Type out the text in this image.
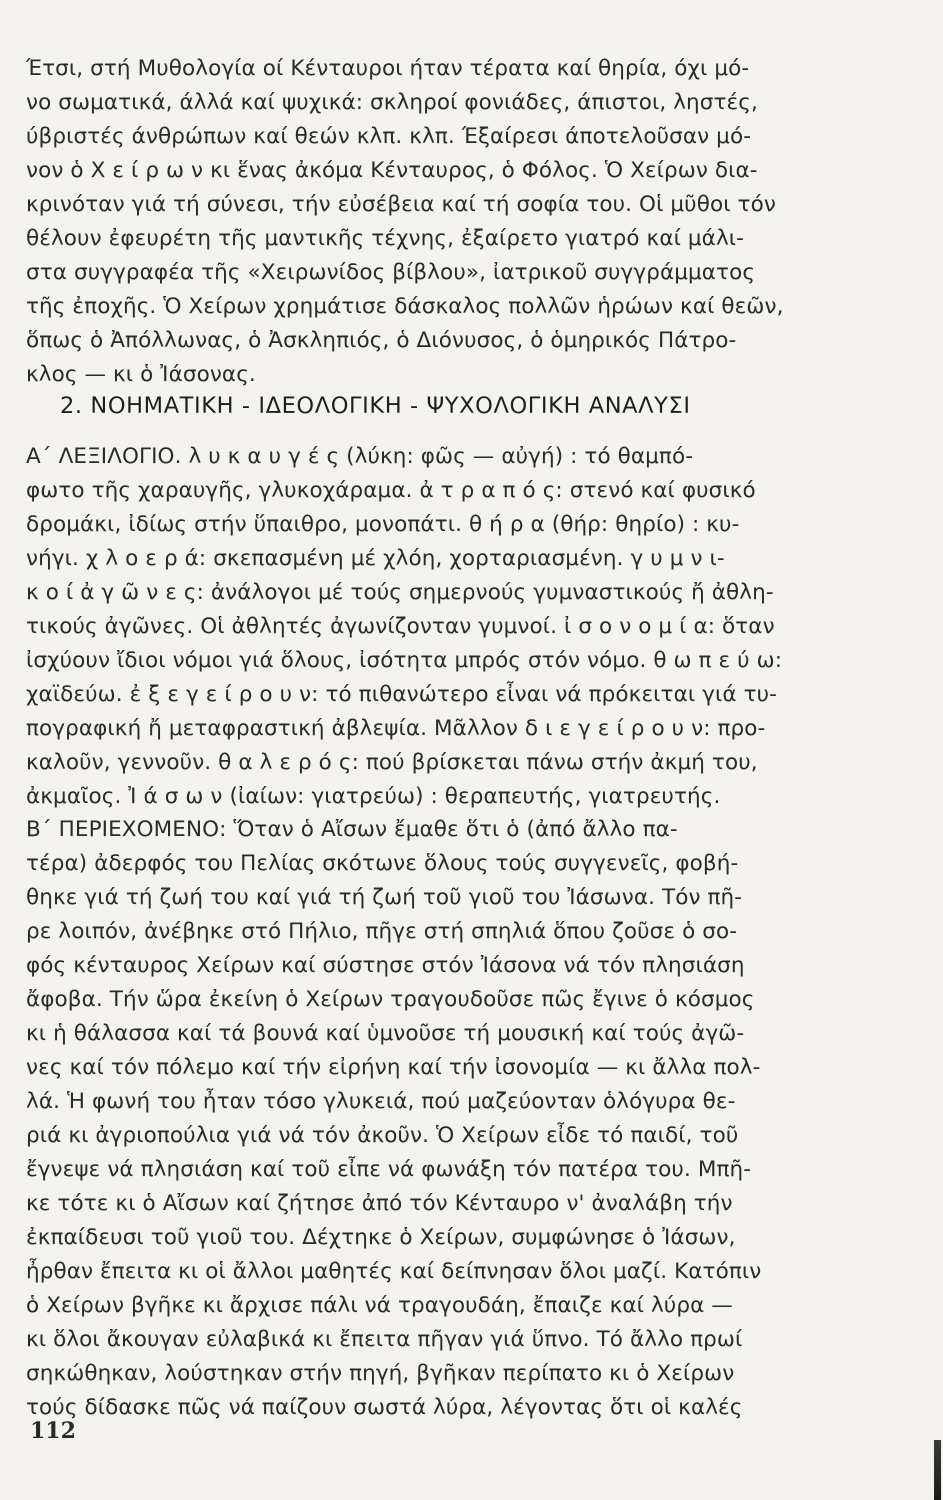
Έτσι, στή Μυθολογία οί Κένταυροι ήταν τέρατα καί θηρία, όχι μό-
νο σωματικά, άλλά καί ψυχικά: σκληροί φονιάδες, άπιστοι, ληστές,
ύβριστές άνθρώπων καί θεών κλπ. κλπ. Έξαίρεσι άποτελοῦσαν μό-
νον ὁ Χ ε ί ρ ω ν κι ἕνας ἀκόμα Κένταυρος, ὁ Φόλος. Ὁ Χείρων δια-
κρινόταν γιά τή σύνεσι, τήν εὐσέβεια καί τή σοφία του. Οἱ μῦθοι τόν
θέλουν ἐφευρέτη τῆς μαντικῆς τέχνης, ἐξαίρετο γιατρό καί μάλι-
στα συγγραφέα τῆς «Χειρωνίδος βίβλου», ἰατρικοῦ συγγράμματος
τῆς ἐποχῆς. Ὁ Χείρων χρημάτισε δάσκαλος πολλῶν ἡρώων καί θεῶν,
ὅπως ὁ Ἀπόλλωνας, ὁ Ἀσκληπιός, ὁ Διόνυσος, ὁ ὁμηρικός Πάτρο-
κλος — κι ὁ Ἰάσονας.
2. ΝΟΗΜΑΤΙΚΗ - ΙΔΕΟΛΟΓΙΚΗ - ΨΥΧΟΛΟΓΙΚΗ ΑΝΑΛΥΣΙ
Α΄ ΛΕΞΙΛΟΓΙΟ. λ υ κ α υ γ έ ς (λύκη: φῶς — αὐγή) : τό θαμπό-
φωτο τῆς χαραυγῆς, γλυκοχάραμα. ἀ τ ρ α π ό ς: στενό καί φυσικό
δρομάκι, ἰδίως στήν ὕπαιθρο, μονοπάτι. θ ή ρ α (θήρ: θηρίο) : κυ-
νήγι. χ λ ο ε ρ ά: σκεπασμένη μέ χλόη, χορταριασμένη. γ υ μ ν ι-
κ ο ί ἀ γ ῶ ν ε ς: ἀνάλογοι μέ τούς σημερνούς γυμναστικούς ἤ ἀθλη-
τικούς ἀγῶνες. Οἱ ἀθλητές ἀγωνίζονταν γυμνοί. ἰ σ ο ν ο μ ί α: ὅταν
ἰσχύουν ἴδιοι νόμοι γιά ὅλους, ἰσότητα μπρός στόν νόμο. θ ω π ε ύ ω:
χαϊδεύω. ἐ ξ ε γ ε ί ρ ο υ ν: τό πιθανώτερο εἶναι νά πρόκειται γιά τυ-
πογραφική ἤ μεταφραστική ἀβλεψία. Μᾶλλον δ ι ε γ ε ί ρ ο υ ν: προ-
καλοῦν, γεννοῦν. θ α λ ε ρ ό ς: πού βρίσκεται πάνω στήν ἀκμή του,
ἀκμαῖος. Ἰ ά σ ω ν (ἰαίων: γιατρεύω) : θεραπευτής, γιατρευτής.
Β΄ ΠΕΡΙΕΧΟΜΕΝΟ: Ὅταν ὁ Αἴσων ἔμαθε ὅτι ὁ (ἀπό ἄλλο πα-
τέρα) ἀδερφός του Πελίας σκότωνε ὅλους τούς συγγενεῖς, φοβή-
θηκε γιά τή ζωή του καί γιά τή ζωή τοῦ γιοῦ του Ἰάσωνα. Τόν πῆ-
ρε λοιπόν, ἀνέβηκε στό Πήλιο, πῆγε στή σπηλιά ὅπου ζοῦσε ὁ σο-
φός κένταυρος Χείρων καί σύστησε στόν Ἰάσονα νά τόν πλησιάση
ἄφοβα. Τήν ὥρα ἐκείνη ὁ Χείρων τραγουδοῦσε πῶς ἔγινε ὁ κόσμος
κι ἡ θάλασσα καί τά βουνά καί ὑμνοῦσε τή μουσική καί τούς ἀγῶ-
νες καί τόν πόλεμο καί τήν εἰρήνη καί τήν ἰσονομία — κι ἄλλα πολ-
λά. Ἡ φωνή του ἦταν τόσο γλυκειά, πού μαζεύονταν ὁλόγυρα θε-
ριά κι ἀγριοπούλια γιά νά τόν ἀκοῦν. Ὁ Χείρων εἶδε τό παιδί, τοῦ
ἔγνεψε νά πλησιάση καί τοῦ εἶπε νά φωνάξη τόν πατέρα του. Μπῆ-
κε τότε κι ὁ Αἴσων καί ζήτησε ἀπό τόν Κένταυρο ν' ἀναλάβη τήν
ἐκπαίδευσι τοῦ γιοῦ του. Δέχτηκε ὁ Χείρων, συμφώνησε ὁ Ἰάσων,
ἦρθαν ἔπειτα κι οἱ ἄλλοι μαθητές καί δείπνησαν ὅλοι μαζί. Κατόπιν
ὁ Χείρων βγῆκε κι ἄρχισε πάλι νά τραγουδάη, ἔπαιζε καί λύρα —
κι ὅλοι ἄκουγαν εὐλαβικά κι ἔπειτα πῆγαν γιά ὕπνο. Τό ἄλλο πρωί
σηκώθηκαν, λούστηκαν στήν πηγή, βγῆκαν περίπατο κι ὁ Χείρων
τούς δίδασκε πῶς νά παίζουν σωστά λύρα, λέγοντας ὅτι οἱ καλές
112
